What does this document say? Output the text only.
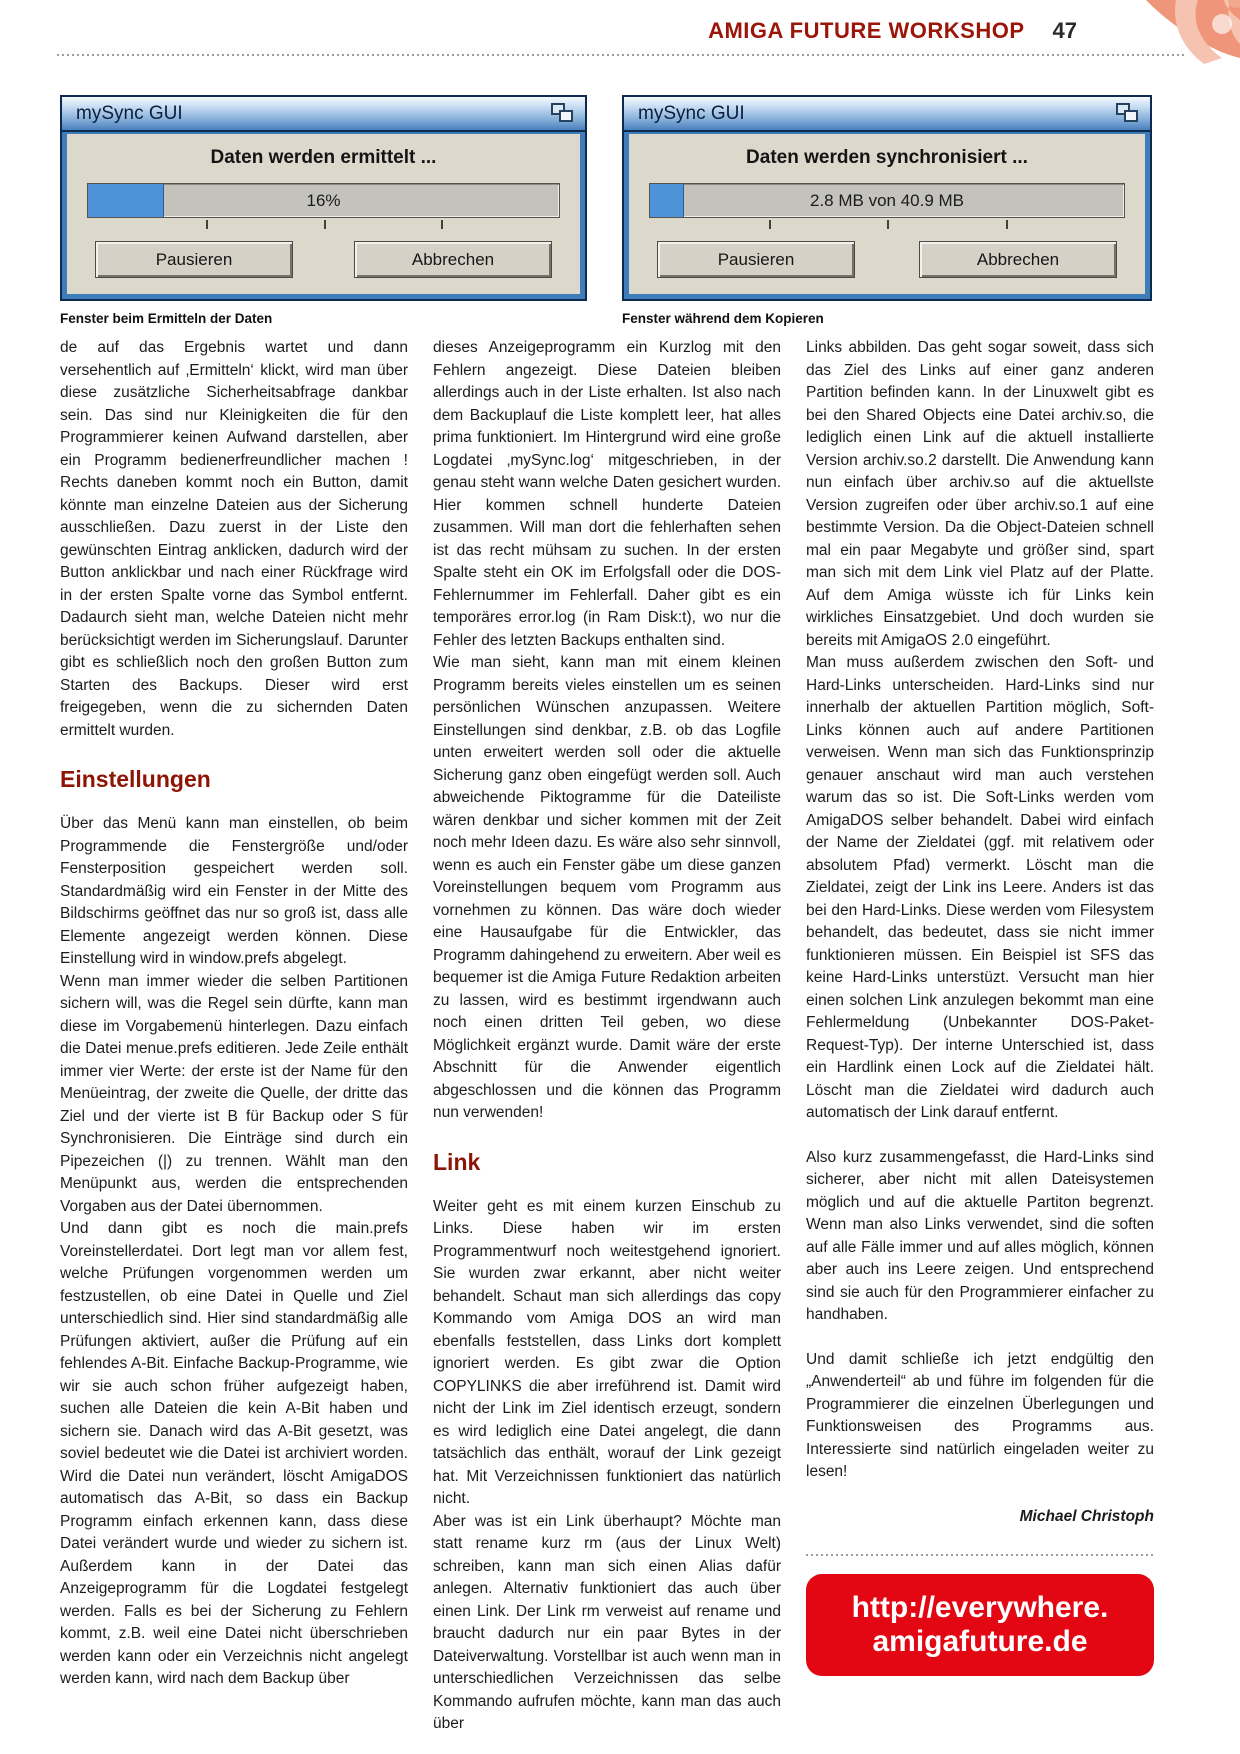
AMIGA FUTURE WORKSHOP 47
mySync GUI
Daten werden ermittelt ...
16%
Pausieren	Abbrechen
mySync GUI
Daten werden synchronisiert ...
2.8 MB von 40.9 MB
Pausieren	Abbrechen
Fenster beim Ermitteln der Daten	Fenster während dem Kopieren

de auf das Ergebnis wartet und dann versehentlich auf ‚Ermitteln‘ klickt, wird man über diese zusätzliche Sicherheitsabfrage dankbar sein. Das sind nur Kleinigkeiten die für den Programmierer keinen Aufwand darstellen, aber ein Programm bedienerfreundlicher machen ! Rechts daneben kommt noch ein Button, damit könnte man einzelne Dateien aus der Sicherung ausschließen. Dazu zuerst in der Liste den gewünschten Eintrag anklicken, dadurch wird der Button anklickbar und nach einer Rückfrage wird in der ersten Spalte vorne das Symbol entfernt. Dadaurch sieht man, welche Dateien nicht mehr berücksichtigt werden im Sicherungslauf. Darunter gibt es schließlich noch den großen Button zum Starten des Backups. Dieser wird erst freigegeben, wenn die zu sichernden Daten ermittelt wurden.

Einstellungen

Über das Menü kann man einstellen, ob beim Programmende die Fenstergröße und/oder Fensterposition gespeichert werden soll. Standardmäßig wird ein Fenster in der Mitte des Bildschirms geöffnet das nur so groß ist, dass alle Elemente angezeigt werden können. Diese Einstellung wird in window.prefs abgelegt.

Wenn man immer wieder die selben Partitionen sichern will, was die Regel sein dürfte, kann man diese im Vorgabemenü hinterlegen. Dazu einfach die Datei menue.prefs editieren. Jede Zeile enthält immer vier Werte: der erste ist der Name für den Menüeintrag, der zweite die Quelle, der dritte das Ziel und der vierte ist B für Backup oder S für Synchronisieren. Die Einträge sind durch ein Pipezeichen (|) zu trennen. Wählt man den Menüpunkt aus, werden die entsprechenden Vorgaben aus der Datei übernommen.

Und dann gibt es noch die main.prefs Voreinstellerdatei. Dort legt man vor allem fest, welche Prüfungen vorgenommen werden um festzustellen, ob eine Datei in Quelle und Ziel unterschiedlich sind. Hier sind standardmäßig alle Prüfungen aktiviert, außer die Prüfung auf ein fehlendes A-Bit. Einfache Backup-Programme, wie wir sie auch schon früher aufgezeigt haben, suchen alle Dateien die kein A-Bit haben und sichern sie. Danach wird das A-Bit gesetzt, was soviel bedeutet wie die Datei ist archiviert worden. Wird die Datei nun verändert, löscht AmigaDOS automatisch das A-Bit, so dass ein Backup Programm einfach erkennen kann, dass diese Datei verändert wurde und wieder zu sichern ist. Außerdem kann in der Datei das Anzeigeprogramm für die Logdatei festgelegt werden. Falls es bei der Sicherung zu Fehlern kommt, z.B. weil eine Datei nicht überschrieben werden kann oder ein Verzeichnis nicht angelegt werden kann, wird nach dem Backup über

dieses Anzeigeprogramm ein Kurzlog mit den Fehlern angezeigt. Diese Dateien bleiben allerdings auch in der Liste erhalten. Ist also nach dem Backuplauf die Liste komplett leer, hat alles prima funktioniert. Im Hintergrund wird eine große Logdatei ‚mySync.log‘ mitgeschrieben, in der genau steht wann welche Daten gesichert wurden. Hier kommen schnell hunderte Dateien zusammen. Will man dort die fehlerhaften sehen ist das recht mühsam zu suchen. In der ersten Spalte steht ein OK im Erfolgsfall oder die DOS-Fehlernummer im Fehlerfall. Daher gibt es ein temporäres error.log (in Ram Disk:t), wo nur die Fehler des letzten Backups enthalten sind.

Wie man sieht, kann man mit einem kleinen Programm bereits vieles einstellen um es seinen persönlichen Wünschen anzupassen. Weitere Einstellungen sind denkbar, z.B. ob das Logfile unten erweitert werden soll oder die aktuelle Sicherung ganz oben eingefügt werden soll. Auch abweichende Piktogramme für die Dateiliste wären denkbar und sicher kommen mit der Zeit noch mehr Ideen dazu. Es wäre also sehr sinnvoll, wenn es auch ein Fenster gäbe um diese ganzen Voreinstellungen bequem vom Programm aus vornehmen zu können. Das wäre doch wieder eine Hausaufgabe für die Entwickler, das Programm dahingehend zu erweitern. Aber weil es bequemer ist die Amiga Future Redaktion arbeiten zu lassen, wird es bestimmt irgendwann auch noch einen dritten Teil geben, wo diese Möglichkeit ergänzt wurde. Damit wäre der erste Abschnitt für die Anwender eigentlich abgeschlossen und die können das Programm nun verwenden!

Link

Weiter geht es mit einem kurzen Einschub zu Links. Diese haben wir im ersten Programmentwurf noch weitestgehend ignoriert. Sie wurden zwar erkannt, aber nicht weiter behandelt. Schaut man sich allerdings das copy Kommando vom Amiga DOS an wird man ebenfalls feststellen, dass Links dort komplett ignoriert werden. Es gibt zwar die Option COPYLINKS die aber irreführend ist. Damit wird nicht der Link im Ziel identisch erzeugt, sondern es wird lediglich eine Datei angelegt, die dann tatsächlich das enthält, worauf der Link gezeigt hat. Mit Verzeichnissen funktioniert das natürlich nicht.

Aber was ist ein Link überhaupt? Möchte man statt rename kurz rm (aus der Linux Welt) schreiben, kann man sich einen Alias dafür anlegen. Alternativ funktioniert das auch über einen Link. Der Link rm verweist auf rename und braucht dadurch nur ein paar Bytes in der Dateiverwaltung. Vorstellbar ist auch wenn man in unterschiedlichen Verzeichnissen das selbe Kommando aufrufen möchte, kann man das auch über

Links abbilden. Das geht sogar soweit, dass sich das Ziel des Links auf einer ganz anderen Partition befinden kann. In der Linuxwelt gibt es bei den Shared Objects eine Datei archiv.so, die lediglich einen Link auf die aktuell installierte Version archiv.so.2 darstellt. Die Anwendung kann nun einfach über archiv.so auf die aktuellste Version zugreifen oder über archiv.so.1 auf eine bestimmte Version. Da die Object-Dateien schnell mal ein paar Megabyte und größer sind, spart man sich mit dem Link viel Platz auf der Platte. Auf dem Amiga wüsste ich für Links kein wirkliches Einsatzgebiet. Und doch wurden sie bereits mit AmigaOS 2.0 eingeführt.

Man muss außerdem zwischen den Soft- und Hard-Links unterscheiden. Hard-Links sind nur innerhalb der aktuellen Partition möglich, Soft-Links können auch auf andere Partitionen verweisen. Wenn man sich das Funktionsprinzip genauer anschaut wird man auch verstehen warum das so ist. Die Soft-Links werden vom AmigaDOS selber behandelt. Dabei wird einfach der Name der Zieldatei (ggf. mit relativem oder absolutem Pfad) vermerkt. Löscht man die Zieldatei, zeigt der Link ins Leere. Anders ist das bei den Hard-Links. Diese werden vom Filesystem behandelt, das bedeutet, dass sie nicht immer funktionieren müssen. Ein Beispiel ist SFS das keine Hard-Links unterstüzt. Versucht man hier einen solchen Link anzulegen bekommt man eine Fehlermeldung (Unbekannter DOS-Paket-Request-Typ). Der interne Unterschied ist, dass ein Hardlink einen Lock auf die Zieldatei hält. Löscht man die Zieldatei wird dadurch auch automatisch der Link darauf entfernt.

Also kurz zusammengefasst, die Hard-Links sind sicherer, aber nicht mit allen Dateisystemen möglich und auf die aktuelle Partiton begrenzt. Wenn man also Links verwendet, sind die soften auf alle Fälle immer und auf alles möglich, können aber auch ins Leere zeigen. Und entsprechend sind sie auch für den Programmierer einfacher zu handhaben.

Und damit schließe ich jetzt endgültig den „Anwenderteil“ ab und führe im folgenden für die Programmierer die einzelnen Überlegungen und Funktionsweisen des Programms aus. Interessierte sind natürlich eingeladen weiter zu lesen!

Michael Christoph
http://everywhere.
amigafuture.de
